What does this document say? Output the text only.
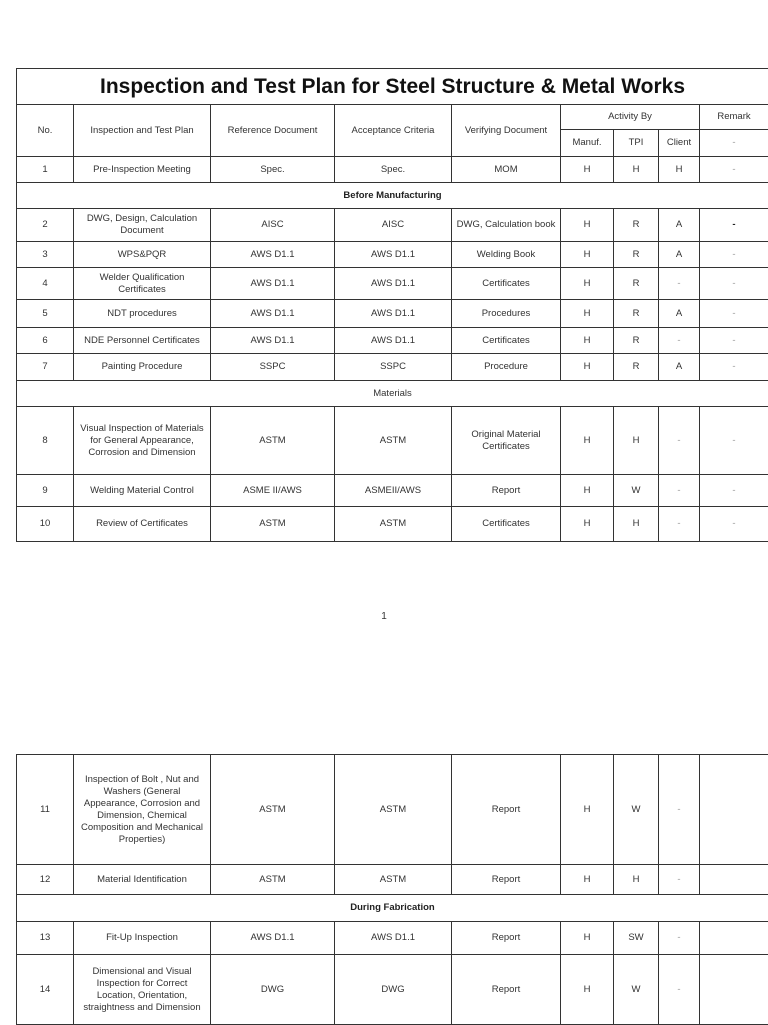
Inspection and Test Plan for Steel Structure & Metal Works								
No.	Inspection and Test Plan	Reference Document	Acceptance Criteria	Verifying Document	Activity By			Remark
					Manuf.	TPI	Client	-
1	Pre-Inspection Meeting	Spec.	Spec.	MOM	H	H	H	-
Before Manufacturing								
2	DWG, Design, Calculation Document	AISC	AISC	DWG, Calculation book	H	R	A	-
3	WPS&PQR	AWS D1.1	AWS D1.1	Welding Book	H	R	A	-
4	Welder Qualification Certificates	AWS D1.1	AWS D1.1	Certificates	H	R	-	-
5	NDT procedures	AWS D1.1	AWS D1.1	Procedures	H	R	A	-
6	NDE Personnel Certificates	AWS D1.1	AWS D1.1	Certificates	H	R	-	-
7	Painting Procedure	SSPC	SSPC	Procedure	H	R	A	-
Materials								
8	Visual Inspection of Materials for General Appearance, Corrosion and Dimension	ASTM	ASTM	Original Material Certificates	H	H	-	-
9	Welding Material Control	ASME II/AWS	ASMEII/AWS	Report	H	W	-	-
10	Review of Certificates	ASTM	ASTM	Certificates	H	H	-	-
1
11	Inspection of Bolt , Nut and Washers (General Appearance, Corrosion and Dimension, Chemical Composition and Mechanical Properties)	ASTM	ASTM	Report	H	W	-	
12	Material Identification	ASTM	ASTM	Report	H	H	-	
During Fabrication								
13	Fit-Up Inspection	AWS D1.1	AWS D1.1	Report	H	SW	-	
14	Dimensional and Visual Inspection for Correct Location, Orientation, straightness and Dimension	DWG	DWG	Report	H	W	-	
